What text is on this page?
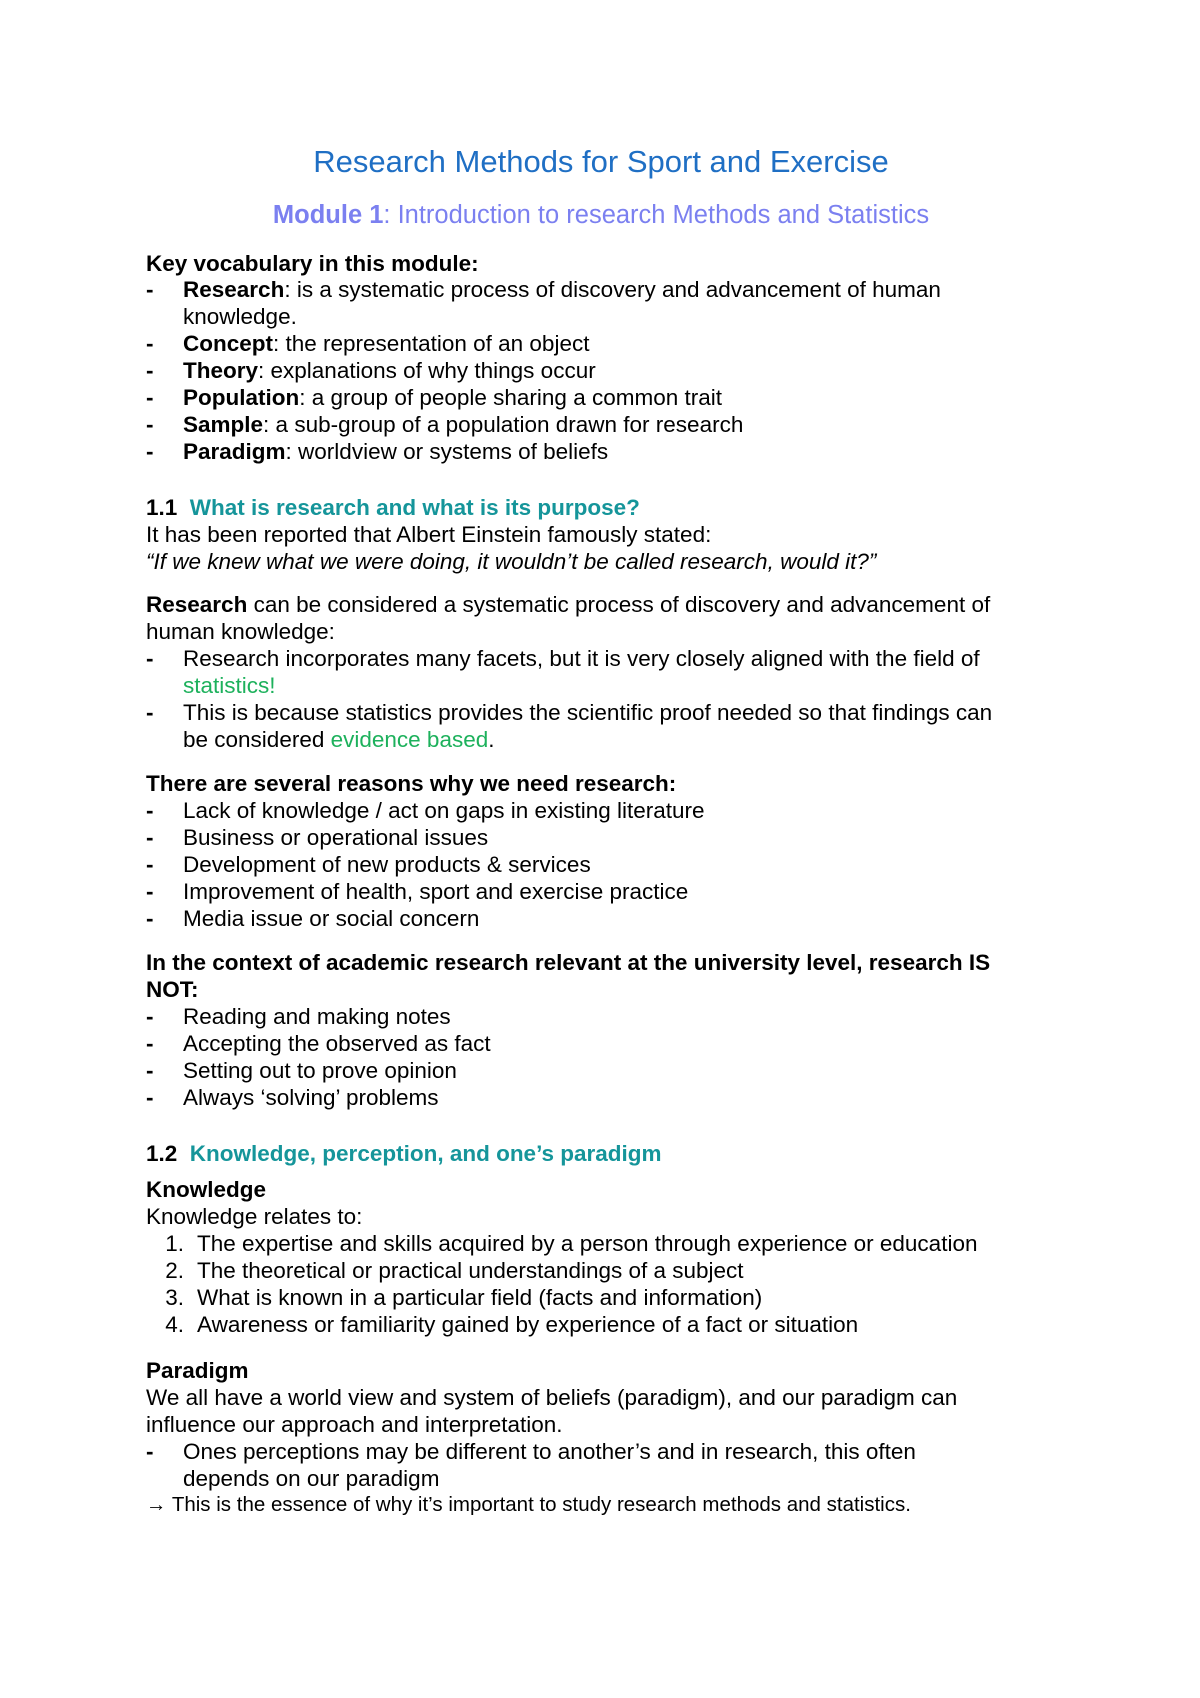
Research Methods for Sport and Exercise
Module 1: Introduction to research Methods and Statistics
Key vocabulary in this module:
-	Research: is a systematic process of discovery and advancement of human
knowledge.
-	Concept: the representation of an object
-	Theory: explanations of why things occur
-	Population: a group of people sharing a common trait
-	Sample: a sub-group of a population drawn for research
-	Paradigm: worldview or systems of beliefs
1.1 What is research and what is its purpose?
It has been reported that Albert Einstein famously stated:
“If we knew what we were doing, it wouldn’t be called research, would it?”
Research can be considered a systematic process of discovery and advancement of
human knowledge:
-	Research incorporates many facets, but it is very closely aligned with the field of
statistics!
-	This is because statistics provides the scientific proof needed so that findings can
be considered evidence based.
There are several reasons why we need research:
-	Lack of knowledge / act on gaps in existing literature
-	Business or operational issues
-	Development of new products & services
-	Improvement of health, sport and exercise practice
-	Media issue or social concern
In the context of academic research relevant at the university level, research IS
NOT:
-	Reading and making notes
-	Accepting the observed as fact
-	Setting out to prove opinion
-	Always ‘solving’ problems
1.2 Knowledge, perception, and one’s paradigm
Knowledge
Knowledge relates to:
1. The expertise and skills acquired by a person through experience or education
2. The theoretical or practical understandings of a subject
3. What is known in a particular field (facts and information)
4. Awareness or familiarity gained by experience of a fact or situation
Paradigm
We all have a world view and system of beliefs (paradigm), and our paradigm can
influence our approach and interpretation.
-	Ones perceptions may be different to another’s and in research, this often
depends on our paradigm
→ This is the essence of why it’s important to study research methods and statistics.
